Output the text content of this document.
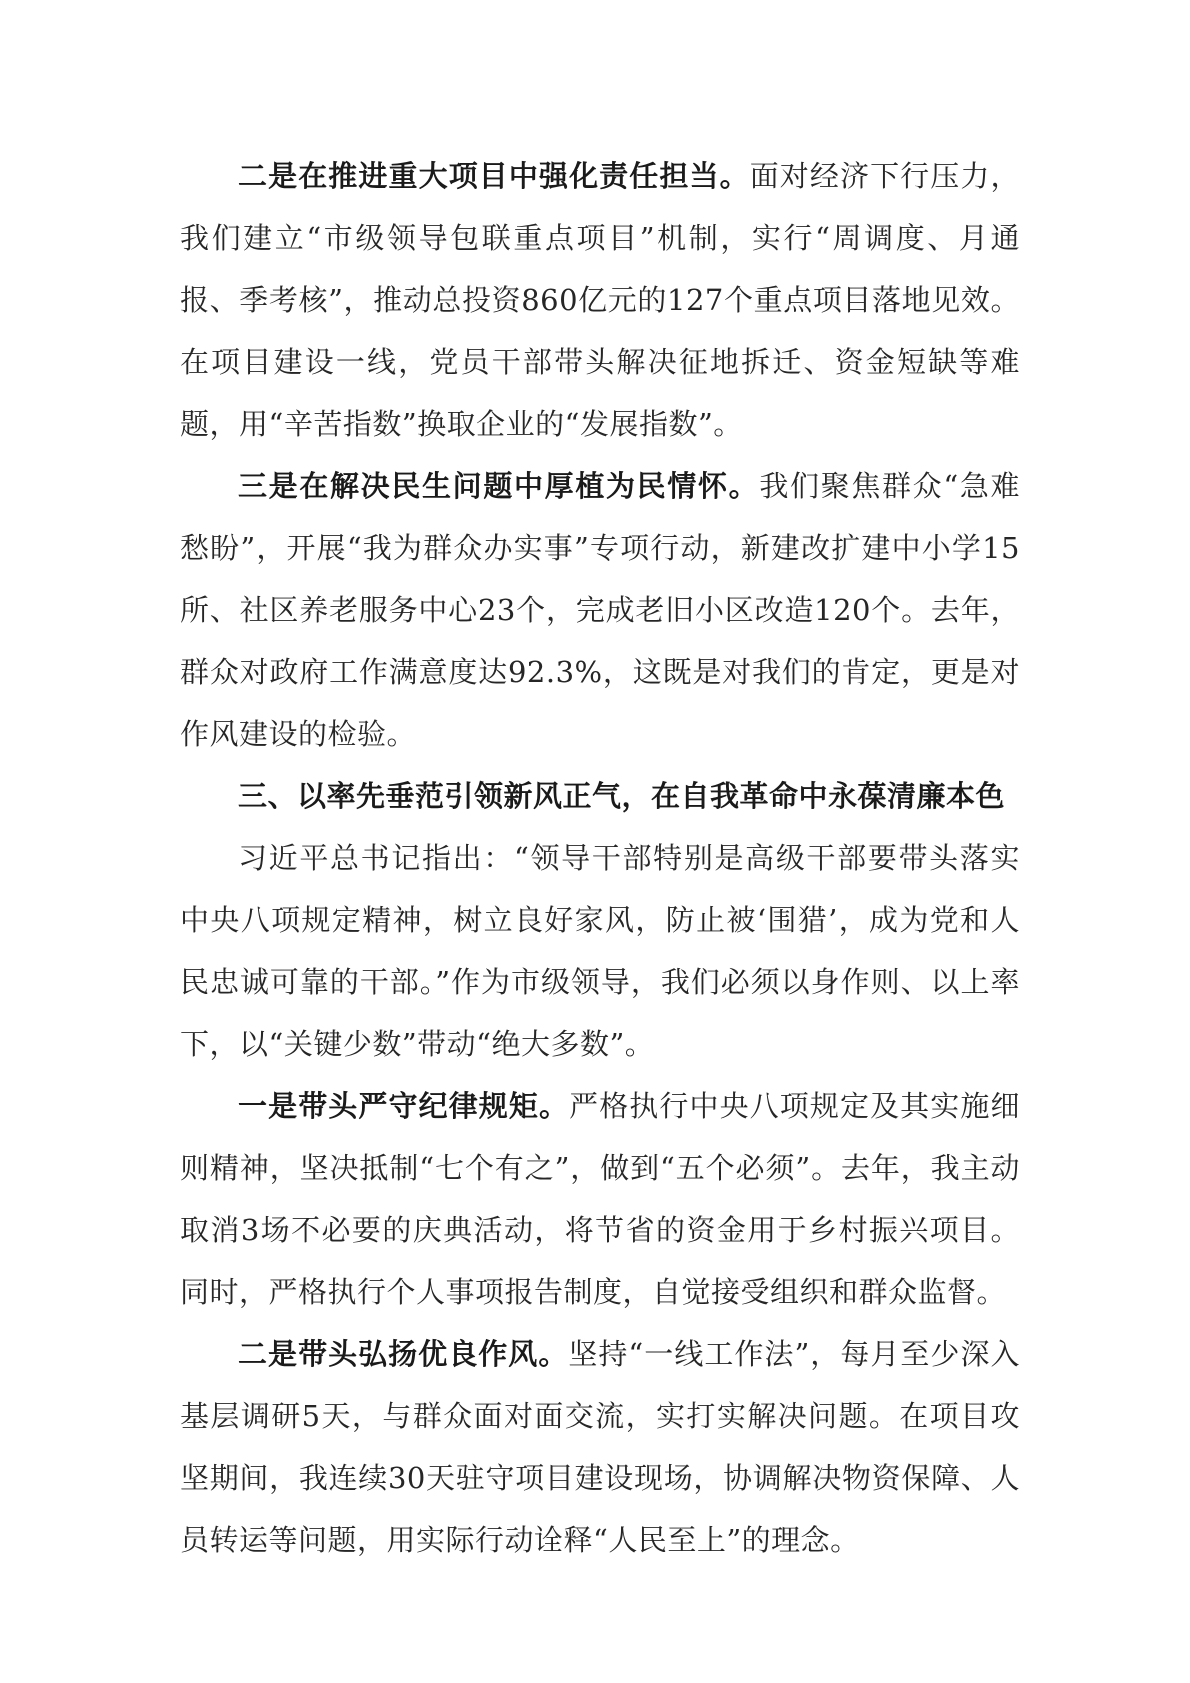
二是在推进重大项目中强化责任担当。面对经济下行压力，我们建立“市级领导包联重点项目”机制，实行“周调度、月通报、季考核”，推动总投资860亿元的127个重点项目落地见效。在项目建设一线，党员干部带头解决征地拆迁、资金短缺等难题，用“辛苦指数”换取企业的“发展指数”。

三是在解决民生问题中厚植为民情怀。我们聚焦群众“急难愁盼”，开展“我为群众办实事”专项行动，新建改扩建中小学15所、社区养老服务中心23个，完成老旧小区改造120个。去年，群众对政府工作满意度达92.3%，这既是对我们的肯定，更是对作风建设的检验。

三、以率先垂范引领新风正气，在自我革命中永葆清廉本色

习近平总书记指出：“领导干部特别是高级干部要带头落实中央八项规定精神，树立良好家风，防止被‘围猎’，成为党和人民忠诚可靠的干部。”作为市级领导，我们必须以身作则、以上率下，以“关键少数”带动“绝大多数”。

一是带头严守纪律规矩。严格执行中央八项规定及其实施细则精神，坚决抵制“七个有之”，做到“五个必须”。去年，我主动取消3场不必要的庆典活动，将节省的资金用于乡村振兴项目。同时，严格执行个人事项报告制度，自觉接受组织和群众监督。

二是带头弘扬优良作风。坚持“一线工作法”，每月至少深入基层调研5天，与群众面对面交流，实打实解决问题。在项目攻坚期间，我连续30天驻守项目建设现场，协调解决物资保障、人员转运等问题，用实际行动诠释“人民至上”的理念。
